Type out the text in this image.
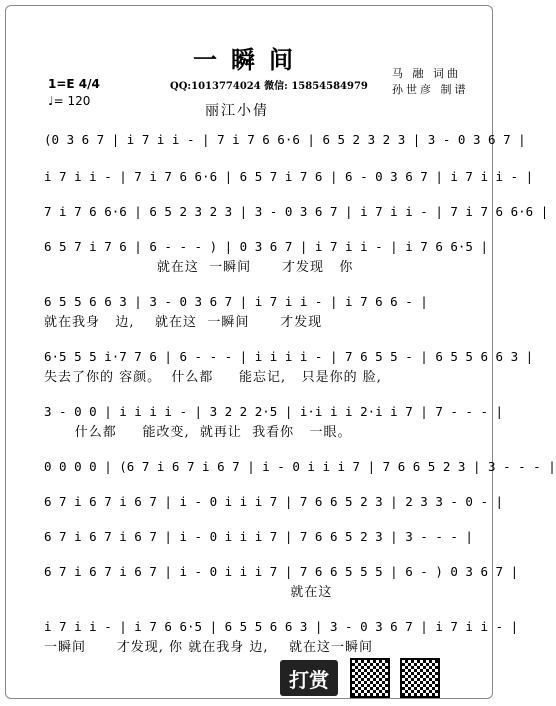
一瞬间	马 融 词曲
孙世彦 制谱
1=E 4/4
♩= 120
QQ:1013774024 微信: 15854584979
丽江小倩
(0 3 6 7 | i 7 i i - | 7 i 7 6 6·6 | 6 5 2 3 2 3 | 3 - 0 3 6 7 |
i 7 i i - | 7 i 7 6 6·6 | 6 5 7 i 7 6 | 6 - 0 3 6 7 | i 7 i i - |
7 i 7 6 6·6 | 6 5 2 3 2 3 | 3 - 0 3 6 7 | i 7 i i - | 7 i 7 6 6·6 |
6 5 7 i 7 6 | 6 - - - ) | 0 3 6 7 | i 7 i i - | i 7 6 6·5 |
就在这  一瞬间      才发现   你
6 5 5 6 6 3 | 3 - 0 3 6 7 | i 7 i i - | i 7 6 6 - |
就在我身   边,    就在这  一瞬间      才发现
6·5 5 5 i·7 7 6 | 6 - - - | i i i i - | 7 6 5 5 - | 6 5 5 6 6 3 |
失去了你的 容颜。  什么都     能忘记,   只是你的 脸,
3 - 0 0 | i i i i - | 3 2 2 2·5 | i·i i i 2·i i 7 | 7 - - - |
什么都     能改变,  就再让  我看你   一眼。
0 0 0 0 | (6 7 i 6 7 i 6 7 | i - 0 i i i 7 | 7 6 6 5 2 3 | 3 - - - |
6 7 i 6 7 i 6 7 | i - 0 i i i 7 | 7 6 6 5 2 3 | 2 3 3 - 0 - |
6 7 i 6 7 i 6 7 | i - 0 i i i 7 | 7 6 6 5 2 3 | 3 - - - |
6 7 i 6 7 i 6 7 | i - 0 i i i 7 | 7 6 6 5 5 5 | 6 - ) 0 3 6 7 |
就在这
i 7 i i - | i 7 6 6·5 | 6 5 5 6 6 3 | 3 - 0 3 6 7 | i 7 i i - |
一瞬间      才发现, 你 就在我身 边,    就在这一瞬间
打赏
